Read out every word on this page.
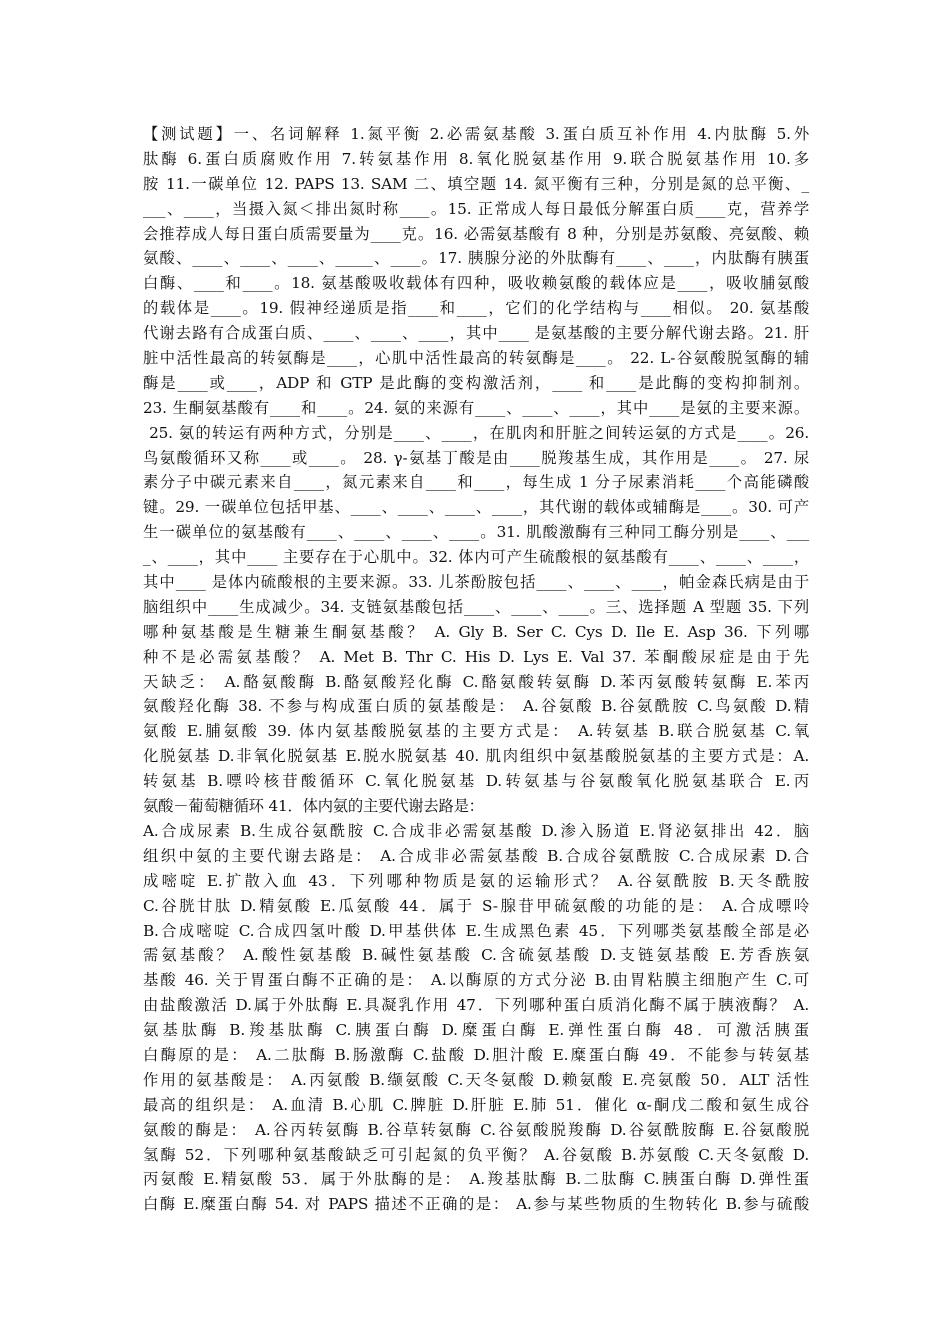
【测试题】一、名词解释 1.氮平衡 2.必需氨基酸 3.蛋白质互补作用 4.内肽酶 5.外
肽酶 6.蛋白质腐败作用 7.转氨基作用 8.氧化脱氨基作用 9.联合脱氨基作用 10.多
胺 11.一碳单位 12. PAPS 13. SAM 二、填空题 14. 氮平衡有三种，分别是氮的总平衡、_
___、____，当摄入氮＜排出氮时称____。15. 正常成人每日最低分解蛋白质____克，营养学
会推荐成人每日蛋白质需要量为____克。16. 必需氨基酸有 8 种，分别是苏氨酸、亮氨酸、赖
氨酸、____、____、____、_____、____。17. 胰腺分泌的外肽酶有____、____，内肽酶有胰蛋
白酶、____和____。18. 氨基酸吸收载体有四种，吸收赖氨酸的载体应是____，吸收脯氨酸
的载体是____。19. 假神经递质是指____和____，它们的化学结构与____相似。 20. 氨基酸
代谢去路有合成蛋白质、____、____、____，其中____ 是氨基酸的主要分解代谢去路。21. 肝
脏中活性最高的转氨酶是____，心肌中活性最高的转氨酶是____。 22. L-谷氨酸脱氢酶的辅
酶是____或____，ADP 和 GTP 是此酶的变构激活剂，____ 和____是此酶的变构抑制剂。
23. 生酮氨基酸有____和____。24. 氨的来源有____、____、____，其中____是氨的主要来源。
25. 氨的转运有两种方式，分别是____、____，在肌肉和肝脏之间转运氨的方式是____。26.
鸟氨酸循环又称____或____。 28. γ-氨基丁酸是由____脱羧基生成，其作用是____。 27. 尿
素分子中碳元素来自____，氮元素来自____和____，每生成 1 分子尿素消耗____个高能磷酸
键。29. 一碳单位包括甲基、____、____、____、____，其代谢的载体或辅酶是____。30. 可产
生一碳单位的氨基酸有____、____、____、____。31. 肌酸激酶有三种同工酶分别是____、___
_、____，其中____ 主要存在于心肌中。32. 体内可产生硫酸根的氨基酸有____、____、____，
其中____ 是体内硫酸根的主要来源。33. 儿茶酚胺包括____、____、____，帕金森氏病是由于
脑组织中____生成减少。34. 支链氨基酸包括____、____、____。三、选择题 A 型题 35. 下列
哪种氨基酸是生糖兼生酮氨基酸？ A. Gly B. Ser C. Cys D. Ile E. Asp 36. 下列哪
种不是必需氨基酸？ A. Met B. Thr C. His D. Lys E. Val 37. 苯酮酸尿症是由于先
天缺乏： A.酪氨酸酶 B.酪氨酸羟化酶 C.酪氨酸转氨酶 D.苯丙氨酸转氨酶 E.苯丙
氨酸羟化酶 38. 不参与构成蛋白质的氨基酸是： A.谷氨酸 B.谷氨酰胺 C.鸟氨酸 D.精
氨酸 E.脯氨酸 39. 体内氨基酸脱氨基的主要方式是： A.转氨基 B.联合脱氨基 C.氧
化脱氨基 D.非氧化脱氨基 E.脱水脱氨基 40. 肌肉组织中氨基酸脱氨基的主要方式是：A.
转氨基 B.嘌呤核苷酸循环 C.氧化脱氨基 D.转氨基与谷氨酸氧化脱氨基联合 E.丙
氨酸－葡萄糖循环 41．体内氨的主要代谢去路是：
A.合成尿素 B.生成谷氨酰胺 C.合成非必需氨基酸 D.渗入肠道 E.肾泌氨排出 42．脑
组织中氨的主要代谢去路是： A.合成非必需氨基酸 B.合成谷氨酰胺 C.合成尿素 D.合
成嘧啶 E.扩散入血 43．下列哪种物质是氨的运输形式？ A.谷氨酰胺 B.天冬酰胺
C.谷胱甘肽 D.精氨酸 E.瓜氨酸 44．属于 S-腺苷甲硫氨酸的功能的是： A.合成嘌呤
B.合成嘧啶 C.合成四氢叶酸 D.甲基供体 E.生成黑色素 45．下列哪类氨基酸全部是必
需氨基酸？ A.酸性氨基酸 B.碱性氨基酸 C.含硫氨基酸 D.支链氨基酸 E.芳香族氨
基酸 46. 关于胃蛋白酶不正确的是： A.以酶原的方式分泌 B.由胃粘膜主细胞产生 C.可
由盐酸激活 D.属于外肽酶 E.具凝乳作用 47．下列哪种蛋白质消化酶不属于胰液酶？ A.
氨基肽酶 B.羧基肽酶 C.胰蛋白酶 D.糜蛋白酶 E.弹性蛋白酶 48．可激活胰蛋
白酶原的是： A.二肽酶 B.肠激酶 C.盐酸 D.胆汁酸 E.糜蛋白酶 49．不能参与转氨基
作用的氨基酸是： A.丙氨酸 B.缬氨酸 C.天冬氨酸 D.赖氨酸 E.亮氨酸 50．ALT 活性
最高的组织是： A.血清 B.心肌 C.脾脏 D.肝脏 E.肺 51．催化 α-酮戊二酸和氨生成谷
氨酸的酶是： A.谷丙转氨酶 B.谷草转氨酶 C.谷氨酸脱羧酶 D.谷氨酰胺酶 E.谷氨酸脱
氢酶 52．下列哪种氨基酸缺乏可引起氮的负平衡？ A.谷氨酸 B.苏氨酸 C.天冬氨酸 D.
丙氨酸 E.精氨酸 53．属于外肽酶的是： A.羧基肽酶 B.二肽酶 C.胰蛋白酶 D.弹性蛋
白酶 E.糜蛋白酶 54. 对 PAPS 描述不正确的是： A.参与某些物质的生物转化 B.参与硫酸
